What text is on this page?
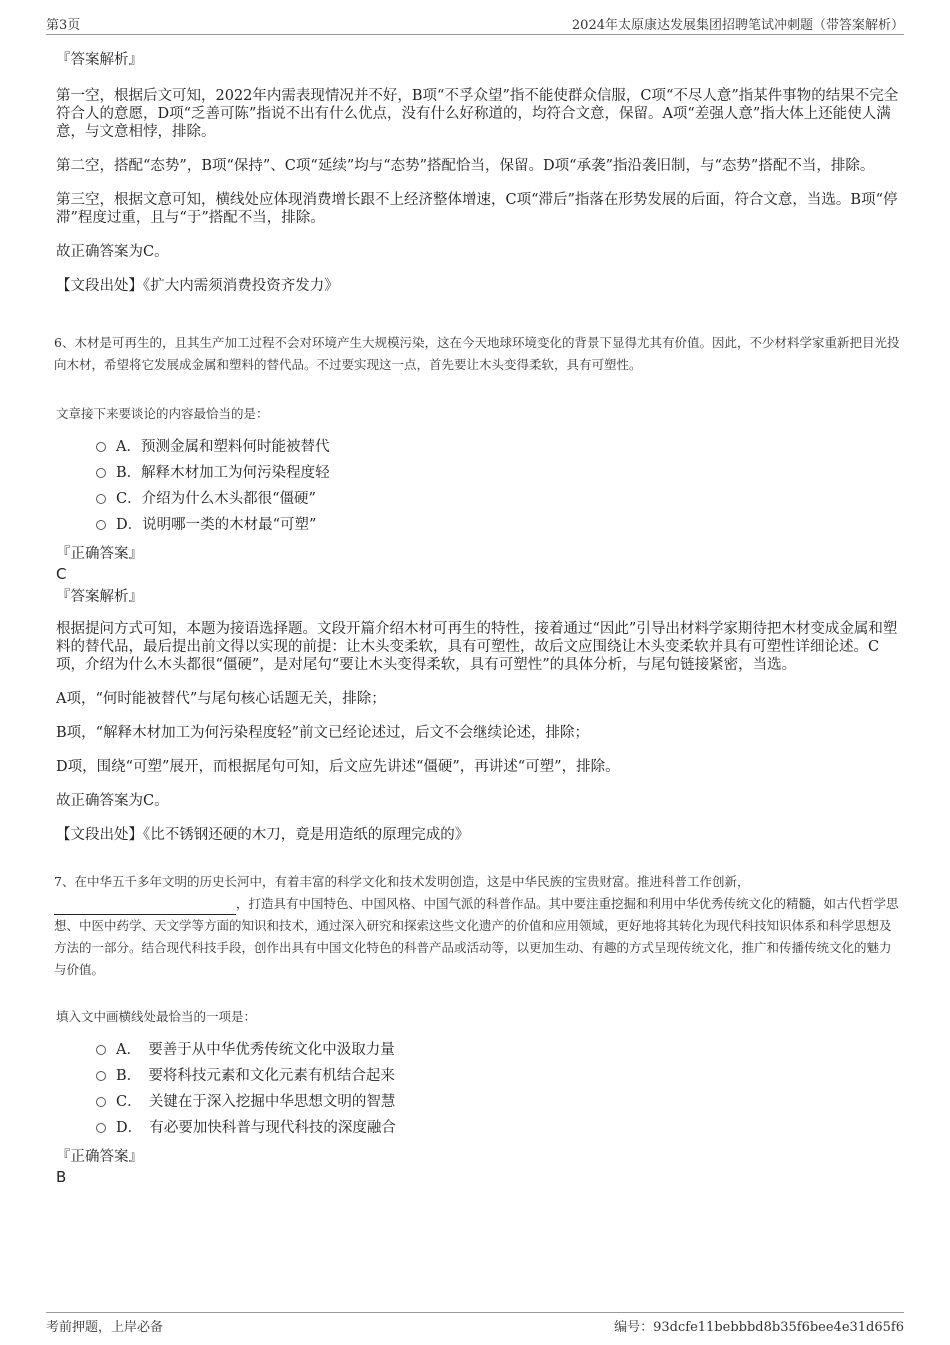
第3页	2024年太原康达发展集团招聘笔试冲刺题（带答案解析）
『答案解析』

第一空，根据后文可知，2022年内需表现情况并不好，B项“不孚众望”指不能使群众信服，C项“不尽人意”指某件事物的结果不完全符合人的意愿，D项“乏善可陈”指说不出有什么优点，没有什么好称道的，均符合文意，保留。A项“差强人意”指大体上还能使人满意，与文意相悖，排除。

第二空，搭配“态势”，B项“保持”、C项“延续”均与“态势”搭配恰当，保留。D项“承袭”指沿袭旧制，与“态势”搭配不当，排除。

第三空，根据文意可知，横线处应体现消费增长跟不上经济整体增速，C项“滞后”指落在形势发展的后面，符合文意，当选。B项“停滞”程度过重，且与“于”搭配不当，排除。

故正确答案为C。

【文段出处】《扩大内需须消费投资齐发力》

6、木材是可再生的，且其生产加工过程不会对环境产生大规模污染，这在今天地球环境变化的背景下显得尤其有价值。因此，不少材料学家重新把目光投向木材，希望将它发展成金属和塑料的替代品。不过要实现这一点，首先要让木头变得柔软，具有可塑性。

文章接下来要谈论的内容最恰当的是：

A．预测金属和塑料何时能被替代
B．解释木材加工为何污染程度轻
C．介绍为什么木头都很“僵硬”
D．说明哪一类的木材最“可塑”
『正确答案』
C
『答案解析』

根据提问方式可知，本题为接语选择题。文段开篇介绍木材可再生的特性，接着通过“因此”引导出材料学家期待把木材变成金属和塑料的替代品，最后提出前文得以实现的前提：让木头变柔软，具有可塑性，故后文应围绕让木头变柔软并具有可塑性详细论述。C项，介绍为什么木头都很“僵硬”，是对尾句“要让木头变得柔软，具有可塑性”的具体分析，与尾句链接紧密，当选。

A项，“何时能被替代”与尾句核心话题无关，排除；

B项，“解释木材加工为何污染程度轻”前文已经论述过，后文不会继续论述，排除；

D项，围绕“可塑”展开，而根据尾句可知，后文应先讲述“僵硬”，再讲述“可塑”，排除。

故正确答案为C。

【文段出处】《比不锈钢还硬的木刀，竟是用造纸的原理完成的》

7、在中华五千多年文明的历史长河中，有着丰富的科学文化和技术发明创造，这是中华民族的宝贵财富。推进科普工作创新，，打造具有中国特色、中国风格、中国气派的科普作品。其中要注重挖掘和利用中华优秀传统文化的精髓，如古代哲学思想、中医中药学、天文学等方面的知识和技术，通过深入研究和探索这些文化遗产的价值和应用领域，更好地将其转化为现代科技知识体系和科学思想及方法的一部分。结合现代科技手段，创作出具有中国文化特色的科普产品或活动等，以更加生动、有趣的方式呈现传统文化，推广和传播传统文化的魅力与价值。

填入文中画横线处最恰当的一项是：

A．　要善于从中华优秀传统文化中汲取力量
B．　要将科技元素和文化元素有机结合起来
C．　关键在于深入挖掘中华思想文明的智慧
D．　有必要加快科普与现代科技的深度融合
『正确答案』
B
考前押题，上岸必备	编号：93dcfe11bebbbd8b35f6bee4e31d65f6
